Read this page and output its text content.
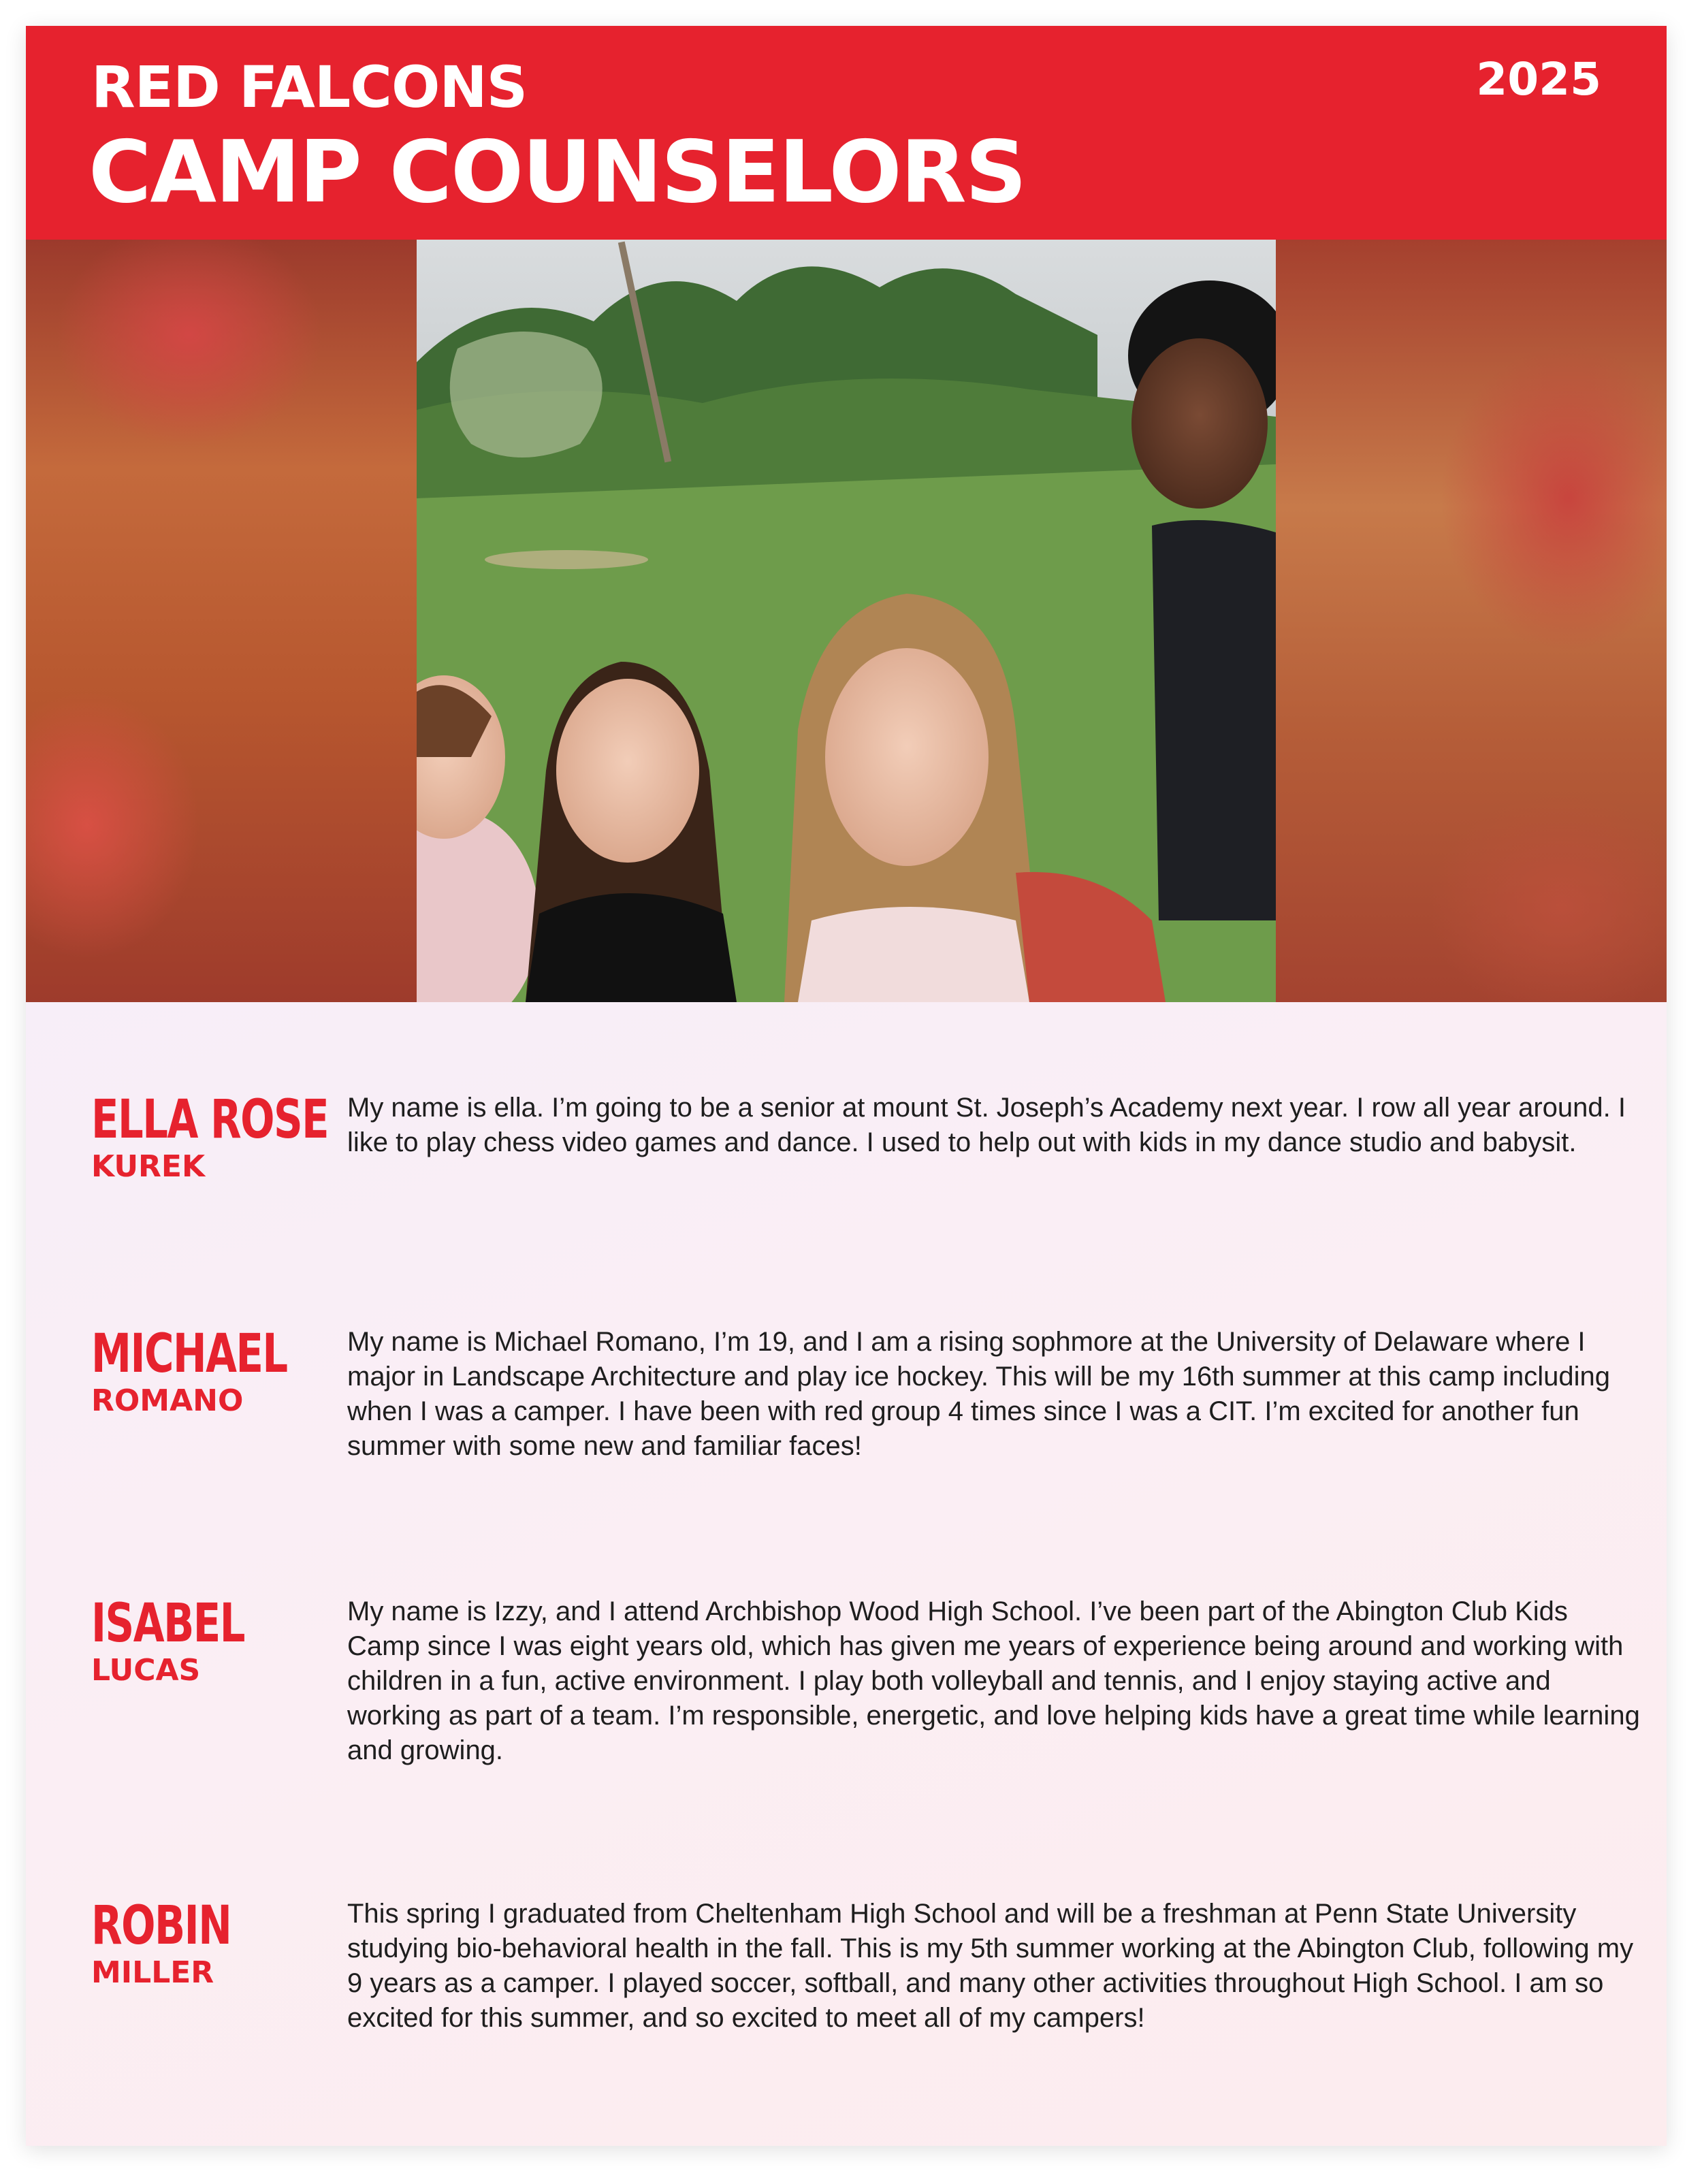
RED FALCONS
CAMP COUNSELORS
2025
ELLA ROSE
KUREK

My name is ella. I’m going to be a senior at mount St. Joseph’s Academy next year. I row all year around. I like to play chess video games and dance. I used to help out with kids in my dance studio and babysit.

MICHAEL
ROMANO

My name is Michael Romano, I’m 19, and I am a rising sophmore at the University of Delaware where I major in Landscape Architecture and play ice hockey. This will be my 16th summer at this camp including when I was a camper. I have been with red group 4 times since I was a CIT. I’m excited for another fun summer with some new and familiar faces!

ISABEL
LUCAS

My name is Izzy, and I attend Archbishop Wood High School. I’ve been part of the Abington Club Kids Camp since I was eight years old, which has given me years of experience being around and working with children in a fun, active environment. I play both volleyball and tennis, and I enjoy staying active and working as part of a team. I’m responsible, energetic, and love helping kids have a great time while learning and growing.

ROBIN
MILLER

This spring I graduated from Cheltenham High School and will be a freshman at Penn State University studying bio-behavioral health in the fall. This is my 5th summer working at the Abington Club, following my 9 years as a camper. I played soccer, softball, and many other activities throughout High School. I am so excited for this summer, and so excited to meet all of my campers!
